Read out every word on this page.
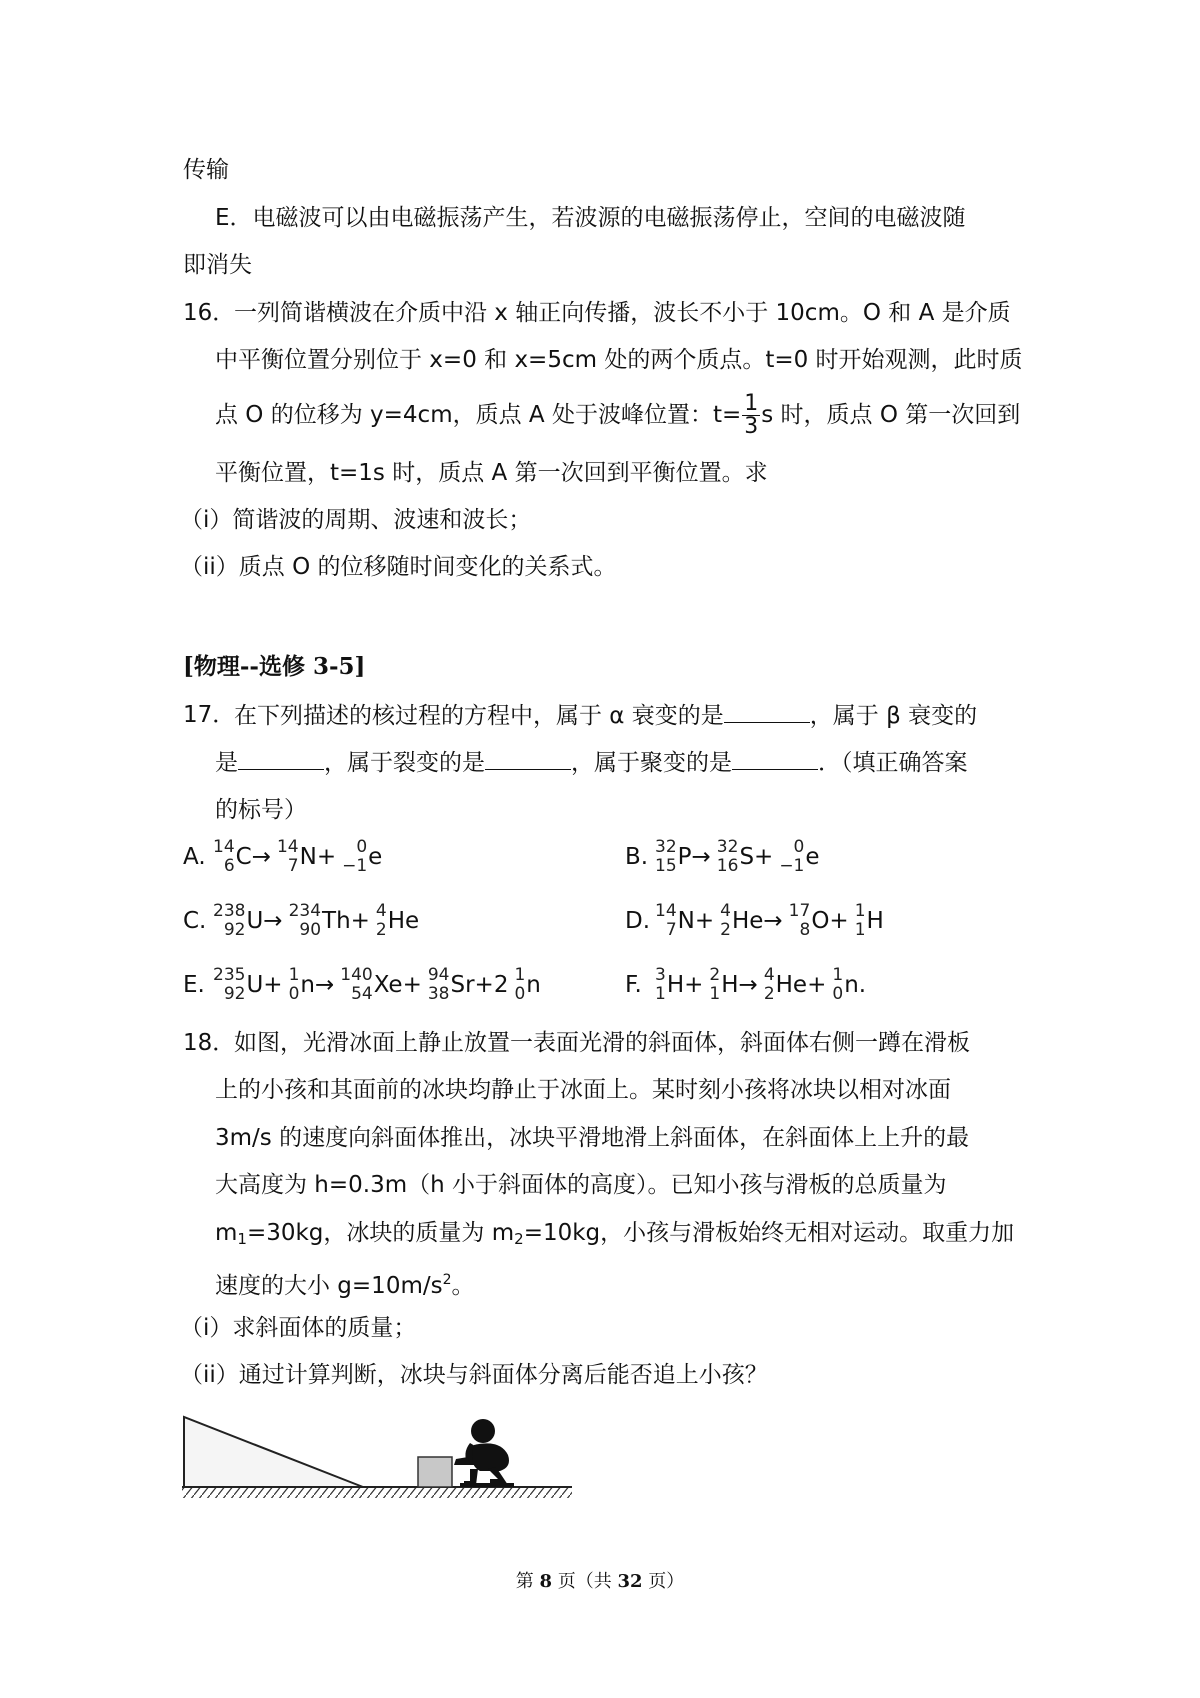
传输
E．电磁波可以由电磁振荡产生，若波源的电磁振荡停止，空间的电磁波随
即消失
16．
一列简谐横波在介质中沿 x 轴正向传播，波长不小于 10cm。O 和 A 是介质
中平衡位置分别位于 x=0 和 x=5cm 处的两个质点。t=0 时开始观测，此时质
点 O 的位移为 y=4cm，质点 A 处于波峰位置：$t= \frac{1}{3}$ s 时，质点 O 第一次回到
平衡位置，t=1s 时，质点 A 第一次回到平衡位置。求
（i）简谐波的周期、波速和波长；
（ii）质点 O 的位移随时间变化的关系式。
[物理--选修 3-5]
17．
在下列描述的核过程的方程中，属于 α 衰变的是	，属于 β 衰变的
是	，属于裂变的是	，属于聚变的是	．（填正确答案
的标号）
A. 14
6 C→ 14
7 N+	0
−1 e	B. 32
15 P→ 32
16 S+	0
−1 e
C. 238
92 U→ 234
90 Th+ 4
2 He	D. 14
7 N+ 4
2 He→ 17
8 O+ 1
1 H
E. 235
92 U+ 1
0 n→ 140
54 Xe+ 94
38 Sr+2 1
0 n	F. 3
1 H+ 2
1 H→ 4
2 He+ 1
0 n.
18．
如图，光滑冰面上静止放置一表面光滑的斜面体，斜面体右侧一蹲在滑板
上的小孩和其面前的冰块均静止于冰面上。某时刻小孩将冰块以相对冰面
3m/s 的速度向斜面体推出，冰块平滑地滑上斜面体，在斜面体上上升的最
大高度为 h=0.3m（h 小于斜面体的高度）。已知小孩与滑板的总质量为
$m_1=30kg$，冰块的质量为 $m_2=10kg$，小孩与滑板始终无相对运动。取重力加
速度的大小 $g=10m/s^2$。
（i）求斜面体的质量；
（ii）通过计算判断，冰块与斜面体分离后能否追上小孩？
第 8 页（共 32 页）
